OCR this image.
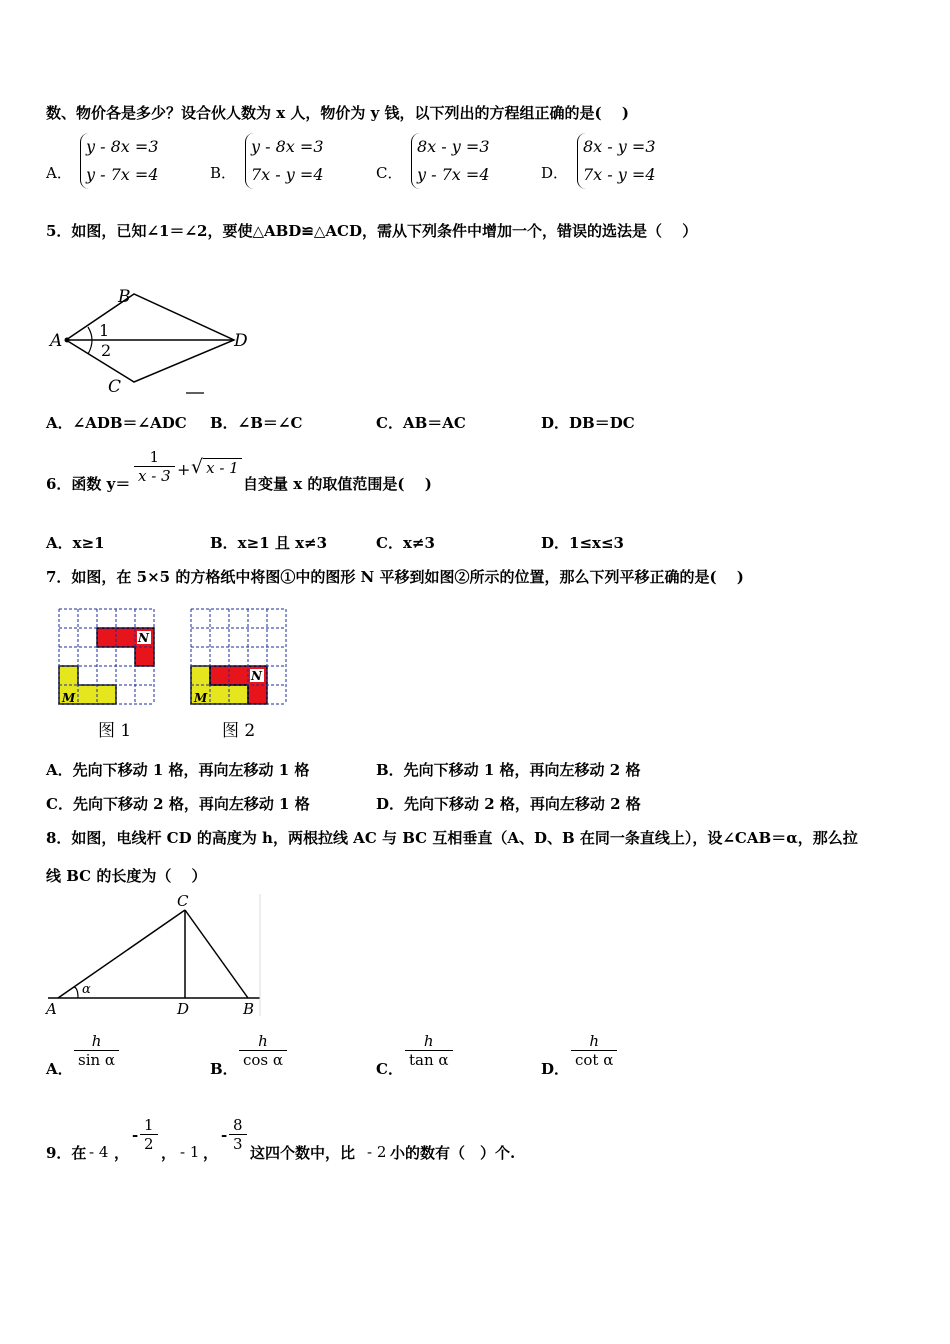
数、物价各是多少？设合伙人数为 x 人，物价为 y 钱，以下列出的方程组正确的是(　 )
A．
y - 8x =3
y - 7x =4	B．
y - 8x =3
7x - y =4	C．
8x - y =3
y - 7x =4	D．
8x - y =3
7x - y =4
5．如图，已知∠1＝∠2，要使△ABD≌△ACD，需从下列条件中增加一个，错误的选法是（　 ）
A
B
C
D
1
2
A．∠ADB＝∠ADC B．∠B＝∠C	C．AB＝AC	D．DB＝DC
6．函数 $y= \frac{1}{x - 3}$ + √ x - 1
自变量 x 的取值范围是(　 )
A．x≥1	B．x≥1 且 x≠3	C．x≠3	D．1≤x≤3
7．如图，在 5×5 的方格纸中将图①中的图形 N 平移到如图②所示的位置，那么下列平移正确的是(　 )
N
M
图 1
N
M
图 2
A．先向下移动 1 格，再向左移动 1 格	B．先向下移动 1 格，再向左移动 2 格
C．先向下移动 2 格，再向左移动 1 格	D．先向下移动 2 格，再向左移动 2 格
8．如图，电线杆 CD 的高度为 h，两根拉线 AC 与 BC 互相垂直（A、D、B 在同一条直线上），设∠CAB＝α，那么拉
线 BC 的长度为（　 ）
α
A
C
D	B
A． $\frac{h}{\text{sin α}}$	B． $\frac{h}{\text{cos α}}$	C． $\frac{h}{\text{tan α}}$	D． $\frac{h}{\text{cot α}}$
9．在 - 4 ，
- $\frac{1}{2}$ ， - 1 ，
- $\frac{8}{3}$ 这四个数中，比 - 2 小的数有（　）个.
